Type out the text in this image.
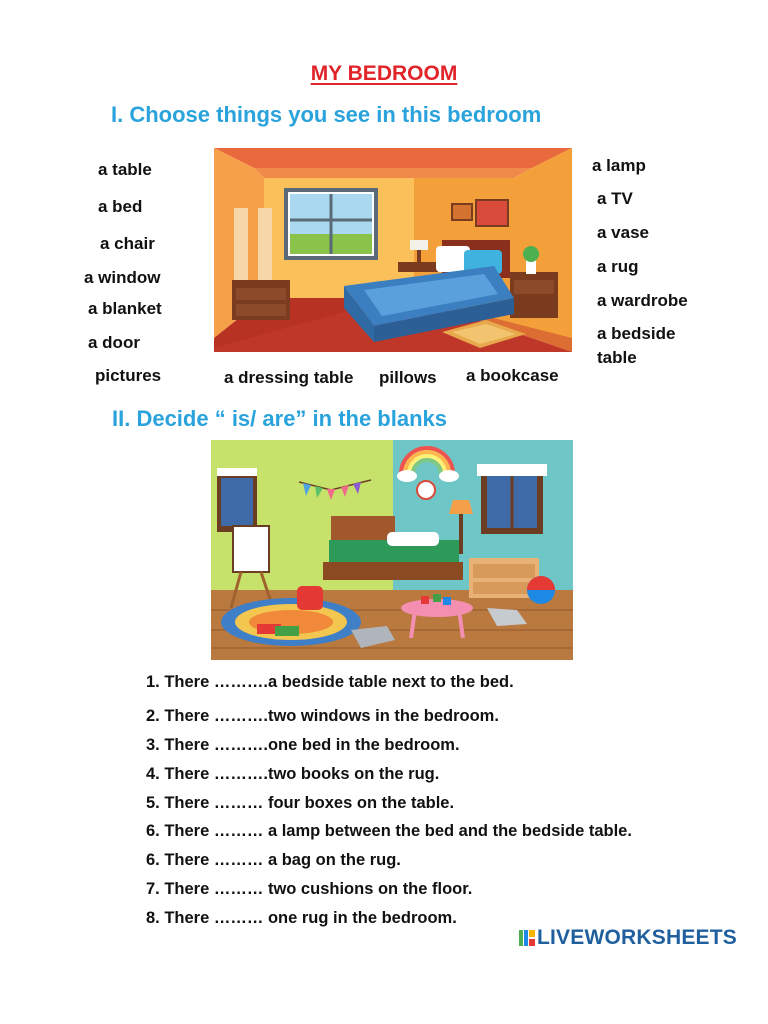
MY BEDROOM
I. Choose things you see in this bedroom
a table
a bed
a chair
a window
a blanket
a door
pictures
a lamp
a TV
a vase
a rug
a wardrobe
a bedside
table
a dressing table pillows a bookcase
II. Decide “ is/ are” in the blanks
1. There ……….a bedside table next to the bed.
2. There ……….two windows in the bedroom.
3. There ……….one bed in the bedroom.
4. There ……….two books on the rug.
5. There ……… four boxes on the table.
6. There ……… a lamp between the bed and the bedside table.
6. There ……… a bag on the rug.
7. There ……… two cushions on the floor.
8. There ……… one rug in the bedroom.
LIVEWORKSHEETS
